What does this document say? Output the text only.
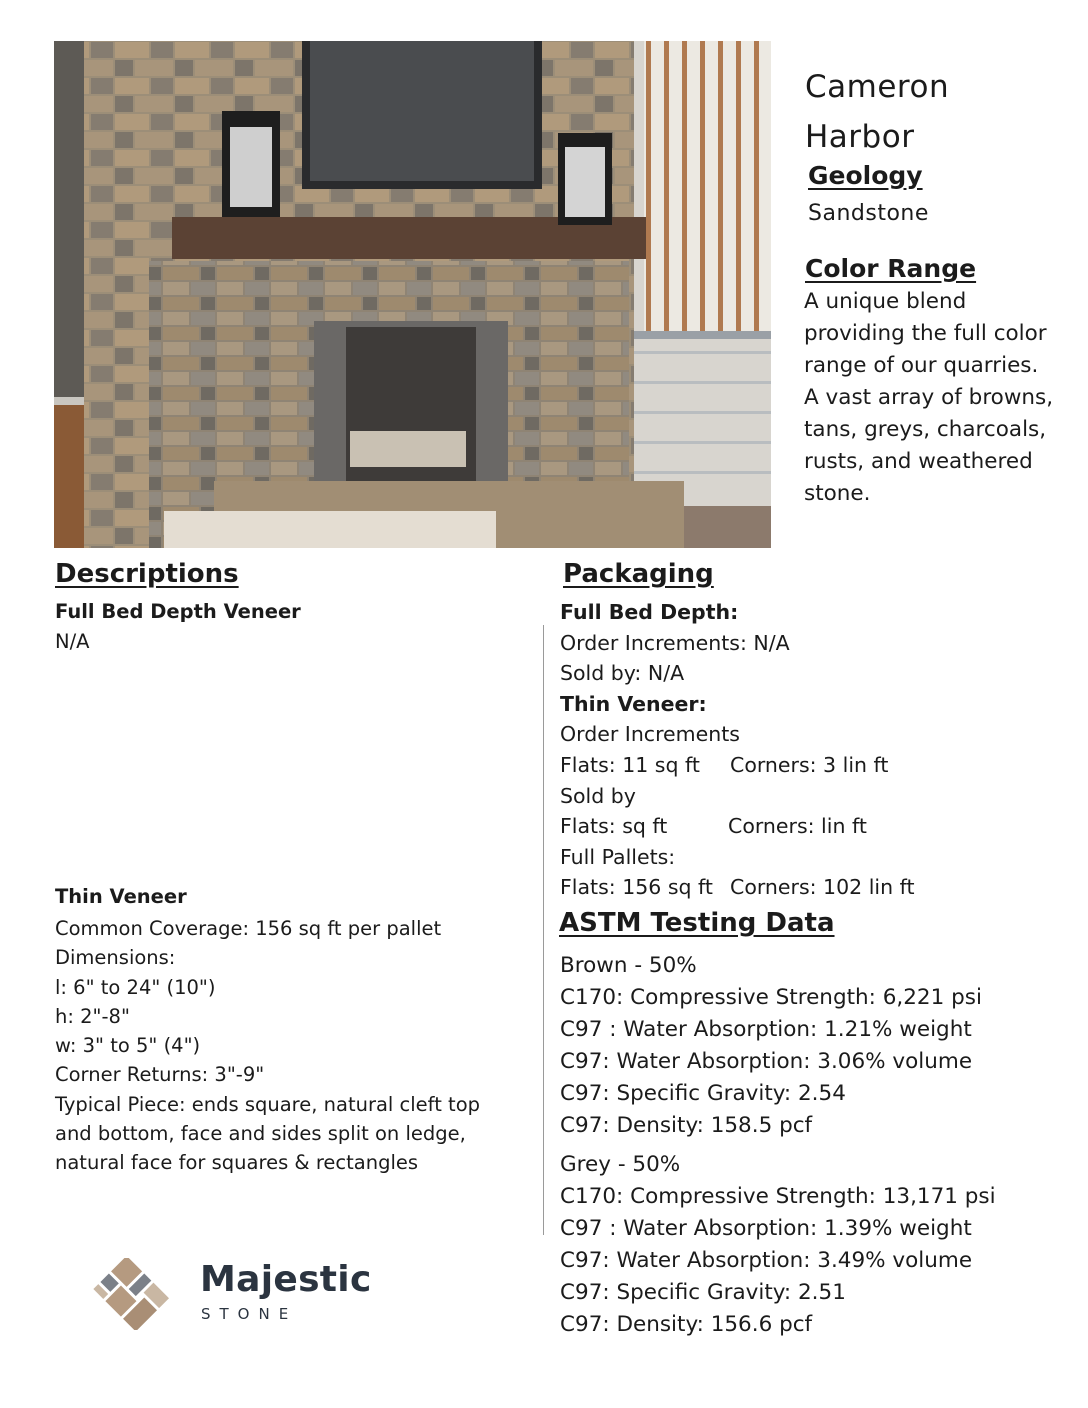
Cameron
Harbor
Geology
Sandstone
Color Range
A unique blend
providing the full color
range of our quarries.
A vast array of browns,
tans, greys, charcoals,
rusts, and weathered
stone.
Descriptions
Full Bed Depth Veneer
N/A
Thin Veneer
Common Coverage: 156 sq ft per pallet
Dimensions:
l: 6" to 24" (10")
h: 2"-8"
w: 3" to 5" (4")
Corner Returns: 3"-9"
Typical Piece: ends square, natural cleft top
and bottom, face and sides split on ledge,
natural face for squares & rectangles
Packaging
Full Bed Depth:
Order Increments: N/A
Sold by: N/A
Thin Veneer:
Order Increments
Flats: 11 sq ft Corners: 3 lin ft
Sold by
Flats: sq ft	Corners: lin ft
Full Pallets:
Flats: 156 sq ft Corners: 102 lin ft
ASTM Testing Data
Brown - 50%
C170: Compressive Strength: 6,221 psi
C97 : Water Absorption: 1.21% weight
C97: Water Absorption: 3.06% volume
C97: Specific Gravity: 2.54
C97: Density: 158.5 pcf
Grey - 50%
C170: Compressive Strength: 13,171 psi
C97 : Water Absorption: 1.39% weight
C97: Water Absorption: 3.49% volume
C97: Specific Gravity: 2.51
C97: Density: 156.6 pcf
Majestic
STONE
